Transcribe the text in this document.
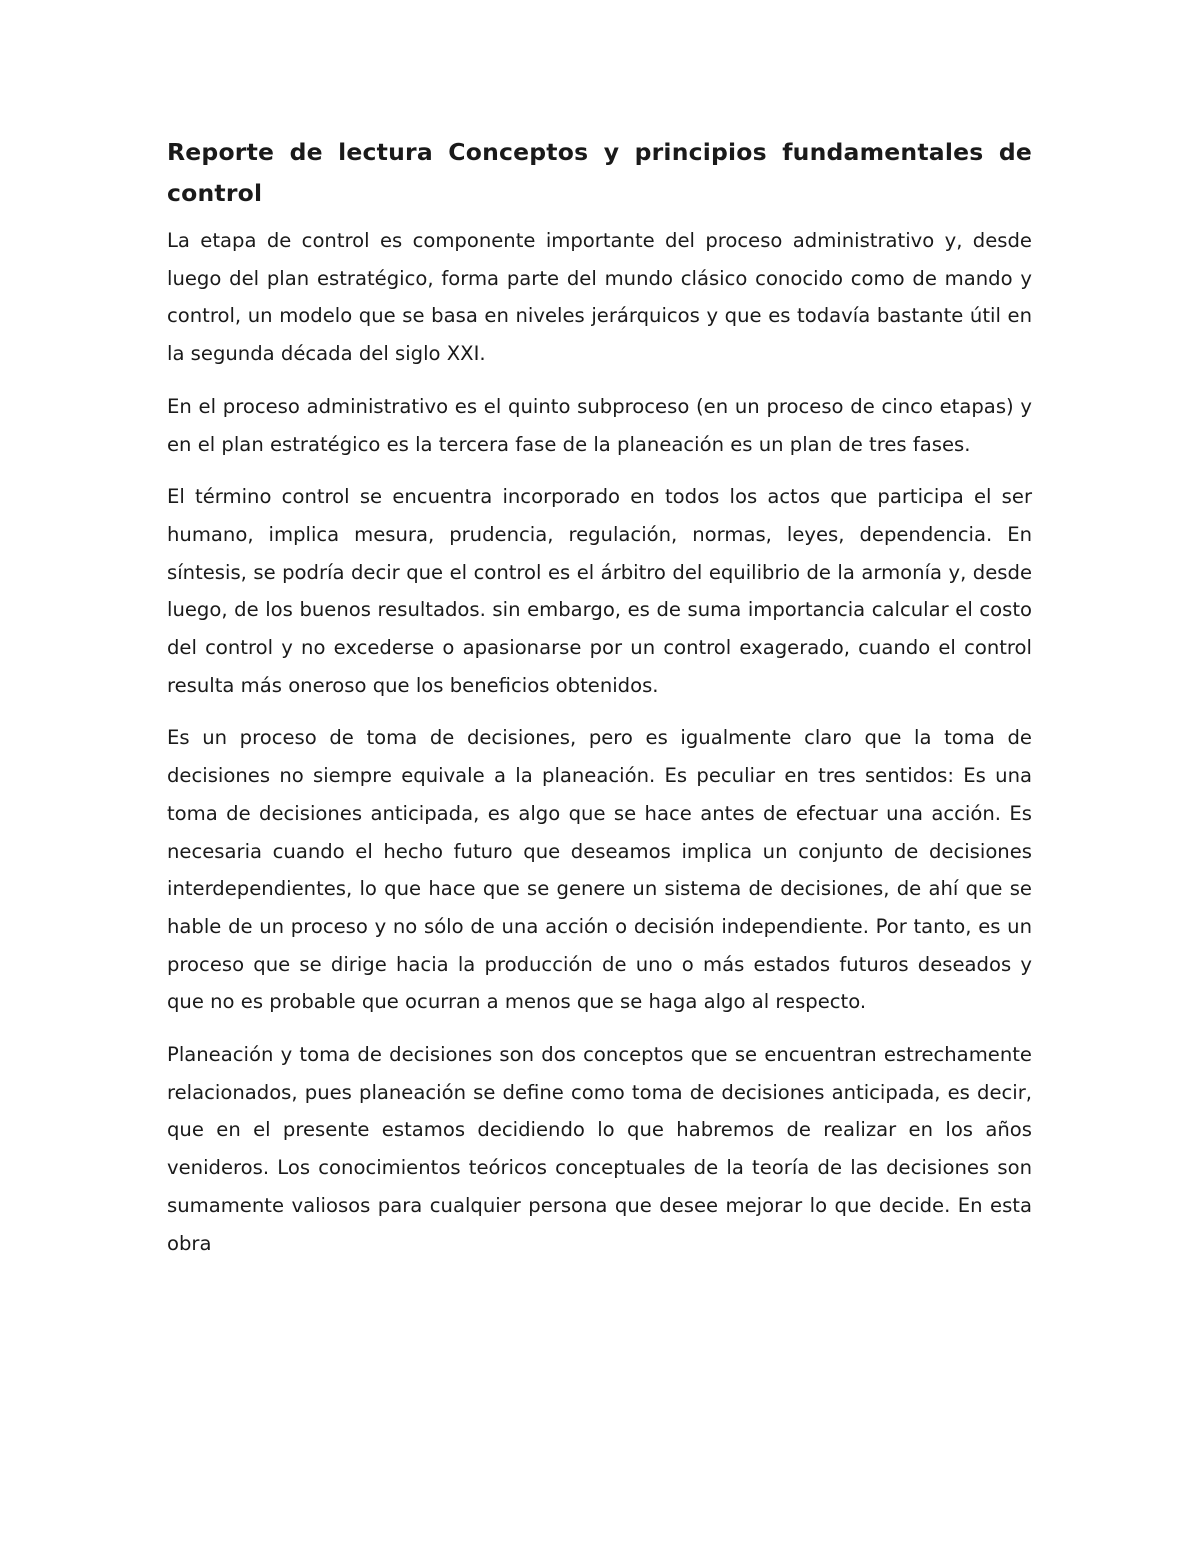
Reporte de lectura Conceptos y principios fundamentales de control

La etapa de control es componente importante del proceso administrativo y, desde luego del plan estratégico, forma parte del mundo clásico conocido como de mando y control, un modelo que se basa en niveles jerárquicos y que es todavía bastante útil en la segunda década del siglo XXI.

En el proceso administrativo es el quinto subproceso (en un proceso de cinco etapas) y en el plan estratégico es la tercera fase de la planeación es un plan de tres fases.

El término control se encuentra incorporado en todos los actos que participa el ser humano, implica mesura, prudencia, regulación, normas, leyes, dependencia. En síntesis, se podría decir que el control es el árbitro del equilibrio de la armonía y, desde luego, de los buenos resultados. sin embargo, es de suma importancia calcular el costo del control y no excederse o apasionarse por un control exagerado, cuando el control resulta más oneroso que los beneficios obtenidos.

Es un proceso de toma de decisiones, pero es igualmente claro que la toma de decisiones no siempre equivale a la planeación. Es peculiar en tres sentidos: Es una toma de decisiones anticipada, es algo que se hace antes de efectuar una acción. Es necesaria cuando el hecho futuro que deseamos implica un conjunto de decisiones interdependientes, lo que hace que se genere un sistema de decisiones, de ahí que se hable de un proceso y no sólo de una acción o decisión independiente. Por tanto, es un proceso que se dirige hacia la producción de uno o más estados futuros deseados y que no es probable que ocurran a menos que se haga algo al respecto.

Planeación y toma de decisiones son dos conceptos que se encuentran estrechamente relacionados, pues planeación se define como toma de decisiones anticipada, es decir, que en el presente estamos decidiendo lo que habremos de realizar en los años venideros. Los conocimientos teóricos conceptuales de la teoría de las decisiones son sumamente valiosos para cualquier persona que desee mejorar lo que decide. En esta obra
